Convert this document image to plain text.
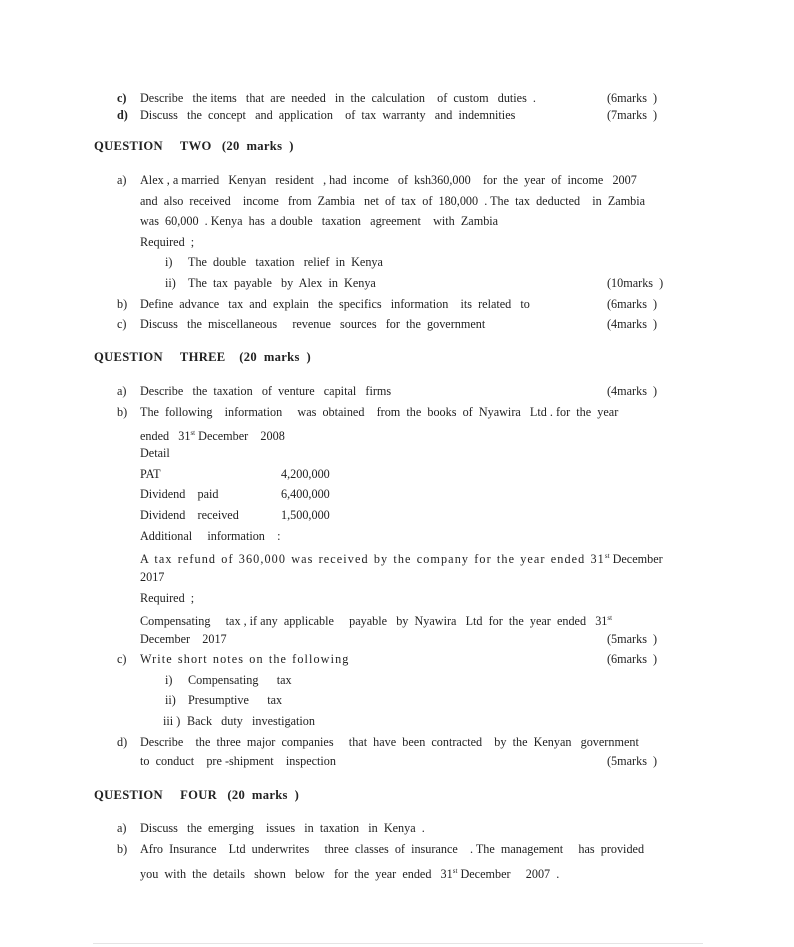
c) Describe   the items   that  are  needed   in  the  calculation    of  custom   duties  .	(6marks  )
d) Discuss   the  concept   and  application    of  tax  warranty   and  indemnities	(7marks  )
QUESTION     TWO   (20  marks  )
a) Alex , a married   Kenyan   resident   , had  income   of  ksh360,000    for  the  year  of  income   2007
and  also  received    income   from  Zambia   net  of  tax  of  180,000  . The  tax  deducted    in  Zambia
was  60,000  . Kenya  has  a double   taxation   agreement    with  Zambia
Required  ;
i) The  double   taxation   relief  in  Kenya
ii) The  tax  payable   by  Alex  in  Kenya	(10marks  )
b) Define  advance   tax  and  explain   the  specifics   information    its  related   to	(6marks  )
c) Discuss   the  miscellaneous     revenue   sources   for  the  government	(4marks  )
QUESTION     THREE    (20  marks  )
a) Describe   the  taxation   of  venture   capital   firms	(4marks  )
b) The  following    information     was  obtained    from  the  books  of  Nyawira   Ltd . for  the  year
ended   31st December    2008
Detail
PAT	4,200,000
Dividend    paid	6,400,000
Dividend    received	1,500,000
Additional     information    :
A tax refund of 360,000 was received by the company for the year ended 31st December
2017
Required  ;
Compensating     tax , if any  applicable     payable   by  Nyawira   Ltd  for  the  year  ended   31st
December    2017	(5marks  )
c) Write short notes on the following	(6marks  )
i) Compensating      tax
ii) Presumptive      tax
iii ) Back   duty   investigation
d) Describe    the  three  major  companies     that  have  been  contracted    by  the  Kenyan   government
to  conduct    pre -shipment    inspection	(5marks  )
QUESTION     FOUR   (20  marks  )
a) Discuss   the  emerging    issues   in  taxation   in  Kenya  .
b) Afro  Insurance    Ltd  underwrites     three  classes  of  insurance    . The  management     has  provided
you  with  the  details   shown   below   for  the  year  ended   31st December     2007  .
